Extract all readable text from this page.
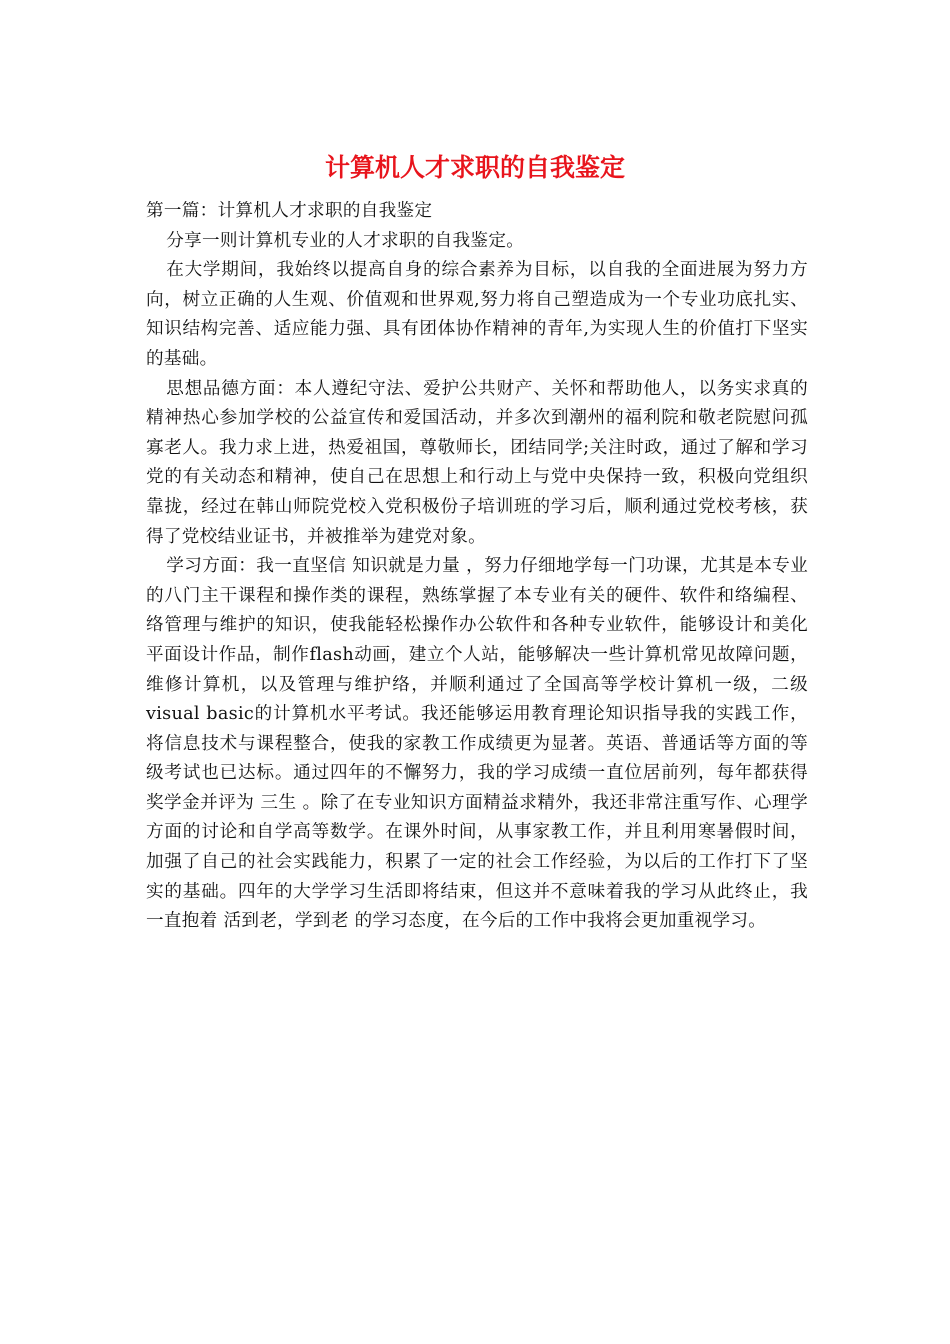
计算机人才求职的自我鉴定

第一篇：计算机人才求职的自我鉴定

分享一则计算机专业的人才求职的自我鉴定。

在大学期间，我始终以提高自身的综合素养为目标，以自我的全面进展为努力方向，树立正确的人生观、价值观和世界观,努力将自己塑造成为一个专业功底扎实、知识结构完善、适应能力强、具有团体协作精神的青年,为实现人生的价值打下坚实的基础。

思想品德方面：本人遵纪守法、爱护公共财产、关怀和帮助他人，以务实求真的精神热心参加学校的公益宣传和爱国活动，并多次到潮州的福利院和敬老院慰问孤寡老人。我力求上进，热爱祖国，尊敬师长，团结同学;关注时政，通过了解和学习党的有关动态和精神，使自己在思想上和行动上与党中央保持一致，积极向党组织靠拢，经过在韩山师院党校入党积极份子培训班的学习后，顺利通过党校考核，获得了党校结业证书，并被推举为建党对象。

学习方面：我一直坚信 知识就是力量 ，努力仔细地学每一门功课，尤其是本专业的八门主干课程和操作类的课程，熟练掌握了本专业有关的硬件、软件和络编程、络管理与维护的知识，使我能轻松操作办公软件和各种专业软件，能够设计和美化平面设计作品，制作flash动画，建立个人站，能够解决一些计算机常见故障问题，维修计算机，以及管理与维护络，并顺利通过了全国高等学校计算机一级，二级visual basic的计算机水平考试。我还能够运用教育理论知识指导我的实践工作，将信息技术与课程整合，使我的家教工作成绩更为显著。英语、普通话等方面的等级考试也已达标。通过四年的不懈努力，我的学习成绩一直位居前列，每年都获得奖学金并评为 三生 。除了在专业知识方面精益求精外，我还非常注重写作、心理学方面的讨论和自学高等数学。在课外时间，从事家教工作，并且利用寒暑假时间，加强了自己的社会实践能力，积累了一定的社会工作经验，为以后的工作打下了坚实的基础。四年的大学学习生活即将结束，但这并不意味着我的学习从此终止，我一直抱着 活到老，学到老 的学习态度，在今后的工作中我将会更加重视学习。
